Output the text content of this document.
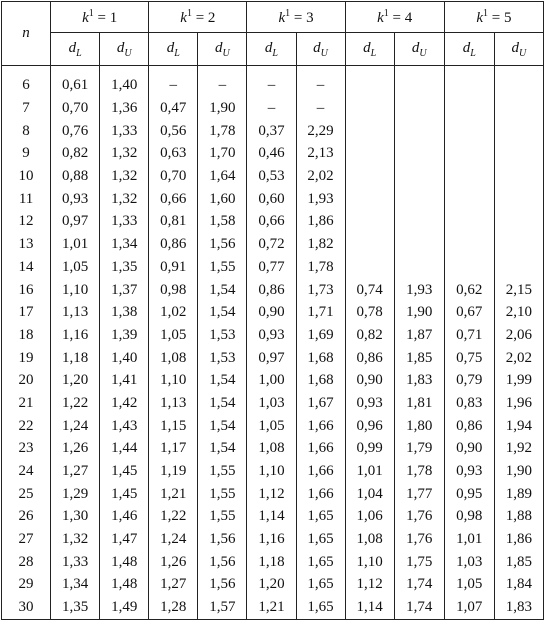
n	$k^1 = 1$		$k^1 = 2$		$k^1 = 3$		$k^1 = 4$		$k^1 = 5$	
	$d_L$	$d_U$	$d_L$	$d_U$	$d_L$	$d_U$	$d_L$	$d_U$	$d_L$	$d_U$
6	0,61	1,40	–	–	–	–				
7	0,70	1,36	0,47	1,90	–	–				
8	0,76	1,33	0,56	1,78	0,37	2,29				
9	0,82	1,32	0,63	1,70	0,46	2,13				
10	0,88	1,32	0,70	1,64	0,53	2,02				
11	0,93	1,32	0,66	1,60	0,60	1,93				
12	0,97	1,33	0,81	1,58	0,66	1,86				
13	1,01	1,34	0,86	1,56	0,72	1,82				
14	1,05	1,35	0,91	1,55	0,77	1,78				
16	1,10	1,37	0,98	1,54	0,86	1,73	0,74	1,93	0,62	2,15
17	1,13	1,38	1,02	1,54	0,90	1,71	0,78	1,90	0,67	2,10
18	1,16	1,39	1,05	1,53	0,93	1,69	0,82	1,87	0,71	2,06
19	1,18	1,40	1,08	1,53	0,97	1,68	0,86	1,85	0,75	2,02
20	1,20	1,41	1,10	1,54	1,00	1,68	0,90	1,83	0,79	1,99
21	1,22	1,42	1,13	1,54	1,03	1,67	0,93	1,81	0,83	1,96
22	1,24	1,43	1,15	1,54	1,05	1,66	0,96	1,80	0,86	1,94
23	1,26	1,44	1,17	1,54	1,08	1,66	0,99	1,79	0,90	1,92
24	1,27	1,45	1,19	1,55	1,10	1,66	1,01	1,78	0,93	1,90
25	1,29	1,45	1,21	1,55	1,12	1,66	1,04	1,77	0,95	1,89
26	1,30	1,46	1,22	1,55	1,14	1,65	1,06	1,76	0,98	1,88
27	1,32	1,47	1,24	1,56	1,16	1,65	1,08	1,76	1,01	1,86
28	1,33	1,48	1,26	1,56	1,18	1,65	1,10	1,75	1,03	1,85
29	1,34	1,48	1,27	1,56	1,20	1,65	1,12	1,74	1,05	1,84
30	1,35	1,49	1,28	1,57	1,21	1,65	1,14	1,74	1,07	1,83
